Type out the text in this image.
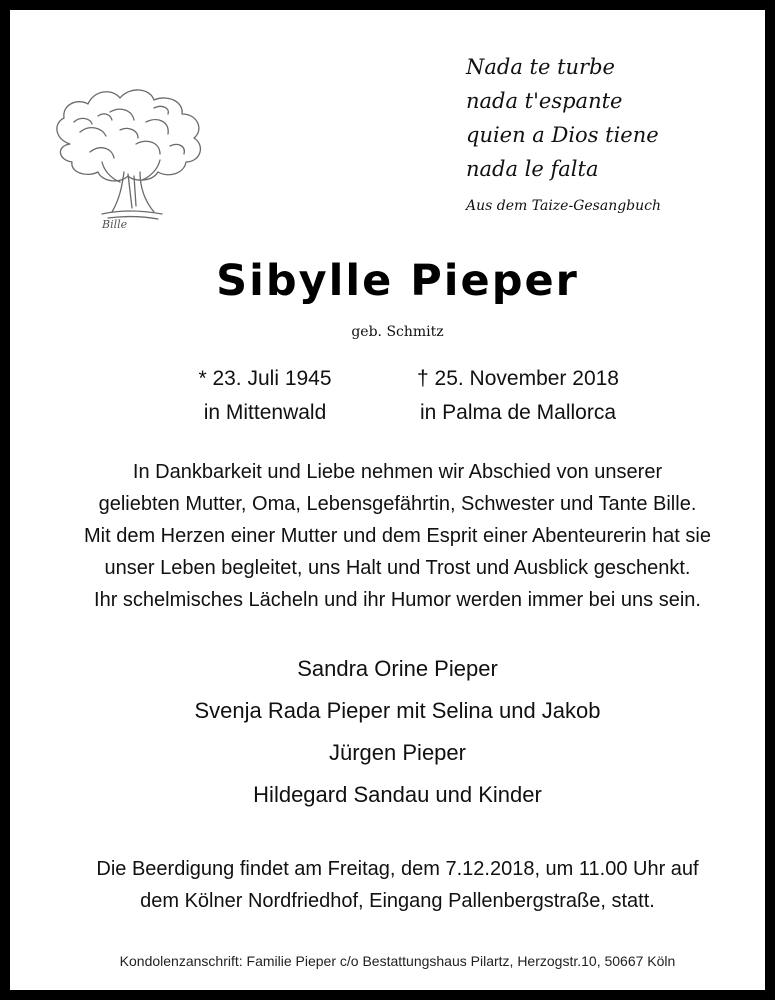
Bille
Nada te turbe
nada t'espante
quien a Dios tiene
nada le falta
Aus dem Taize-Gesangbuch
Sibylle Pieper
geb. Schmitz
* 23. Juli 1945
in Mittenwald
† 25. November 2018
in Palma de Mallorca
In Dankbarkeit und Liebe nehmen wir Abschied von unserer
geliebten Mutter, Oma, Lebensgefährtin, Schwester und Tante Bille.
Mit dem Herzen einer Mutter und dem Esprit einer Abenteurerin hat sie
unser Leben begleitet, uns Halt und Trost und Ausblick geschenkt.
Ihr schelmisches Lächeln und ihr Humor werden immer bei uns sein.
Sandra Orine Pieper
Svenja Rada Pieper mit Selina und Jakob
Jürgen Pieper
Hildegard Sandau und Kinder
Die Beerdigung findet am Freitag, dem 7.12.2018, um 11.00 Uhr auf
dem Kölner Nordfriedhof, Eingang Pallenbergstraße, statt.
Kondolenzanschrift: Familie Pieper c/o Bestattungshaus Pilartz, Herzogstr.10, 50667 Köln
